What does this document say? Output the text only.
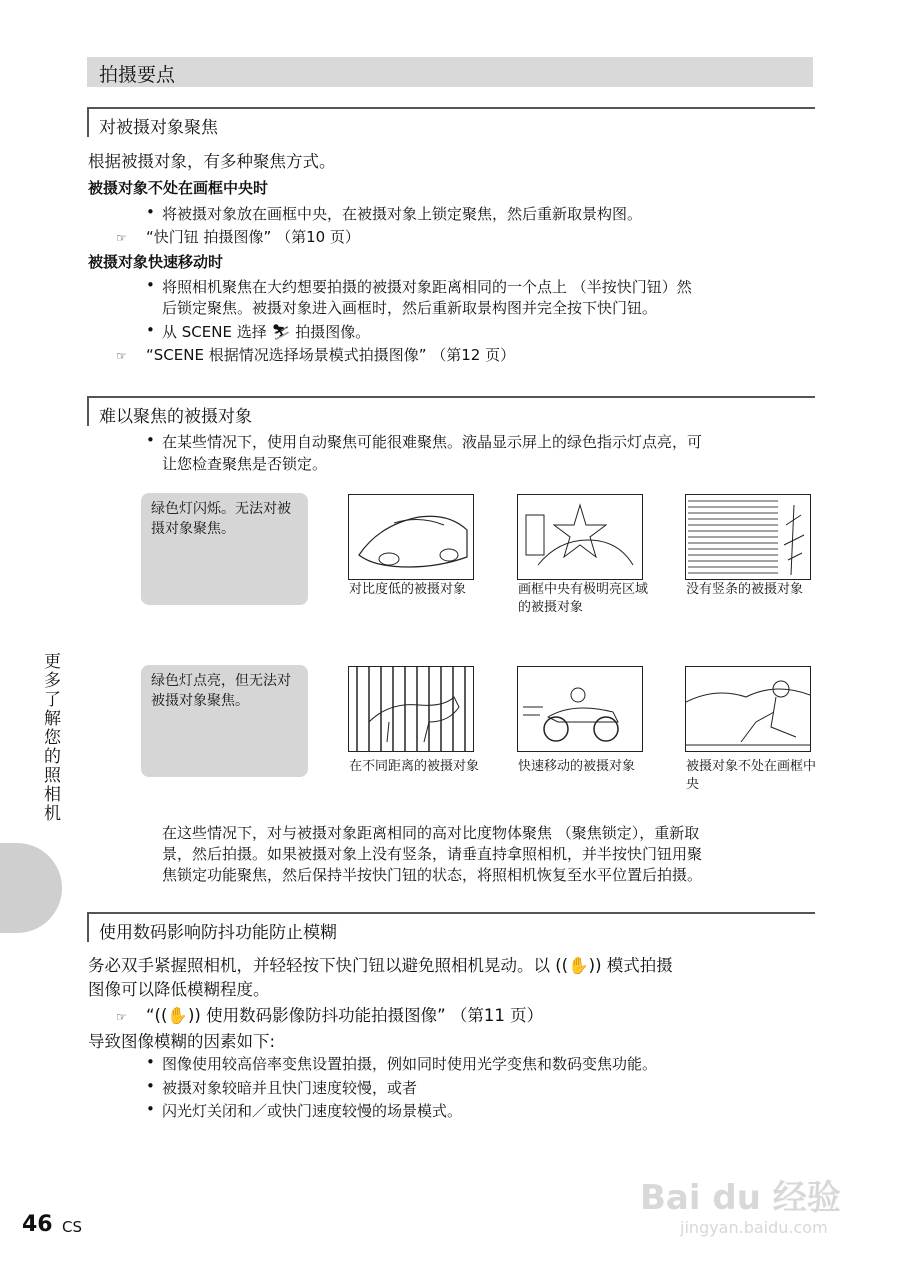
拍摄要点
对被摄对象聚焦
根据被摄对象，有多种聚焦方式。
被摄对象不处在画框中央时
• 将被摄对象放在画框中央，在被摄对象上锁定聚焦，然后重新取景构图。
☞ “快门钮 拍摄图像” （第10 页）
被摄对象快速移动时
• 将照相机聚焦在大约想要拍摄的被摄对象距离相同的一个点上 （半按快门钮）然
后锁定聚焦。被摄对象进入画框时，然后重新取景构图并完全按下快门钮。
• 从 SCENE 选择 ⛷ 拍摄图像。
☞ “SCENE 根据情况选择场景模式拍摄图像” （第12 页）
难以聚焦的被摄对象
• 在某些情况下，使用自动聚焦可能很难聚焦。液晶显示屏上的绿色指示灯点亮，可
让您检查聚焦是否锁定。
绿色灯闪烁。无法对被摄对象聚焦。
绿色灯点亮，但无法对被摄对象聚焦。
对比度低的被摄对象	画框中央有极明亮区域的被摄对象
没有竖条的被摄对象
在不同距离的被摄对象	快速移动的被摄对象	被摄对象不处在画框中央
在这些情况下，对与被摄对象距离相同的高对比度物体聚焦 （聚焦锁定），重新取
景，然后拍摄。如果被摄对象上没有竖条，请垂直持拿照相机，并半按快门钮用聚
焦锁定功能聚焦，然后保持半按快门钮的状态，将照相机恢复至水平位置后拍摄。
使用数码影响防抖功能防止模糊
务必双手紧握照相机，并轻轻按下快门钮以避免照相机晃动。以 ((✋)) 模式拍摄
图像可以降低模糊程度。
☞ “((✋)) 使用数码影像防抖功能拍摄图像” （第11 页）
导致图像模糊的因素如下:
• 图像使用较高倍率变焦设置拍摄，例如同时使用光学变焦和数码变焦功能。
• 被摄对象较暗并且快门速度较慢，或者
• 闪光灯关闭和／或快门速度较慢的场景模式。
更多了解您的照相机
46 CS
Bai du 经验
jingyan.baidu.com
